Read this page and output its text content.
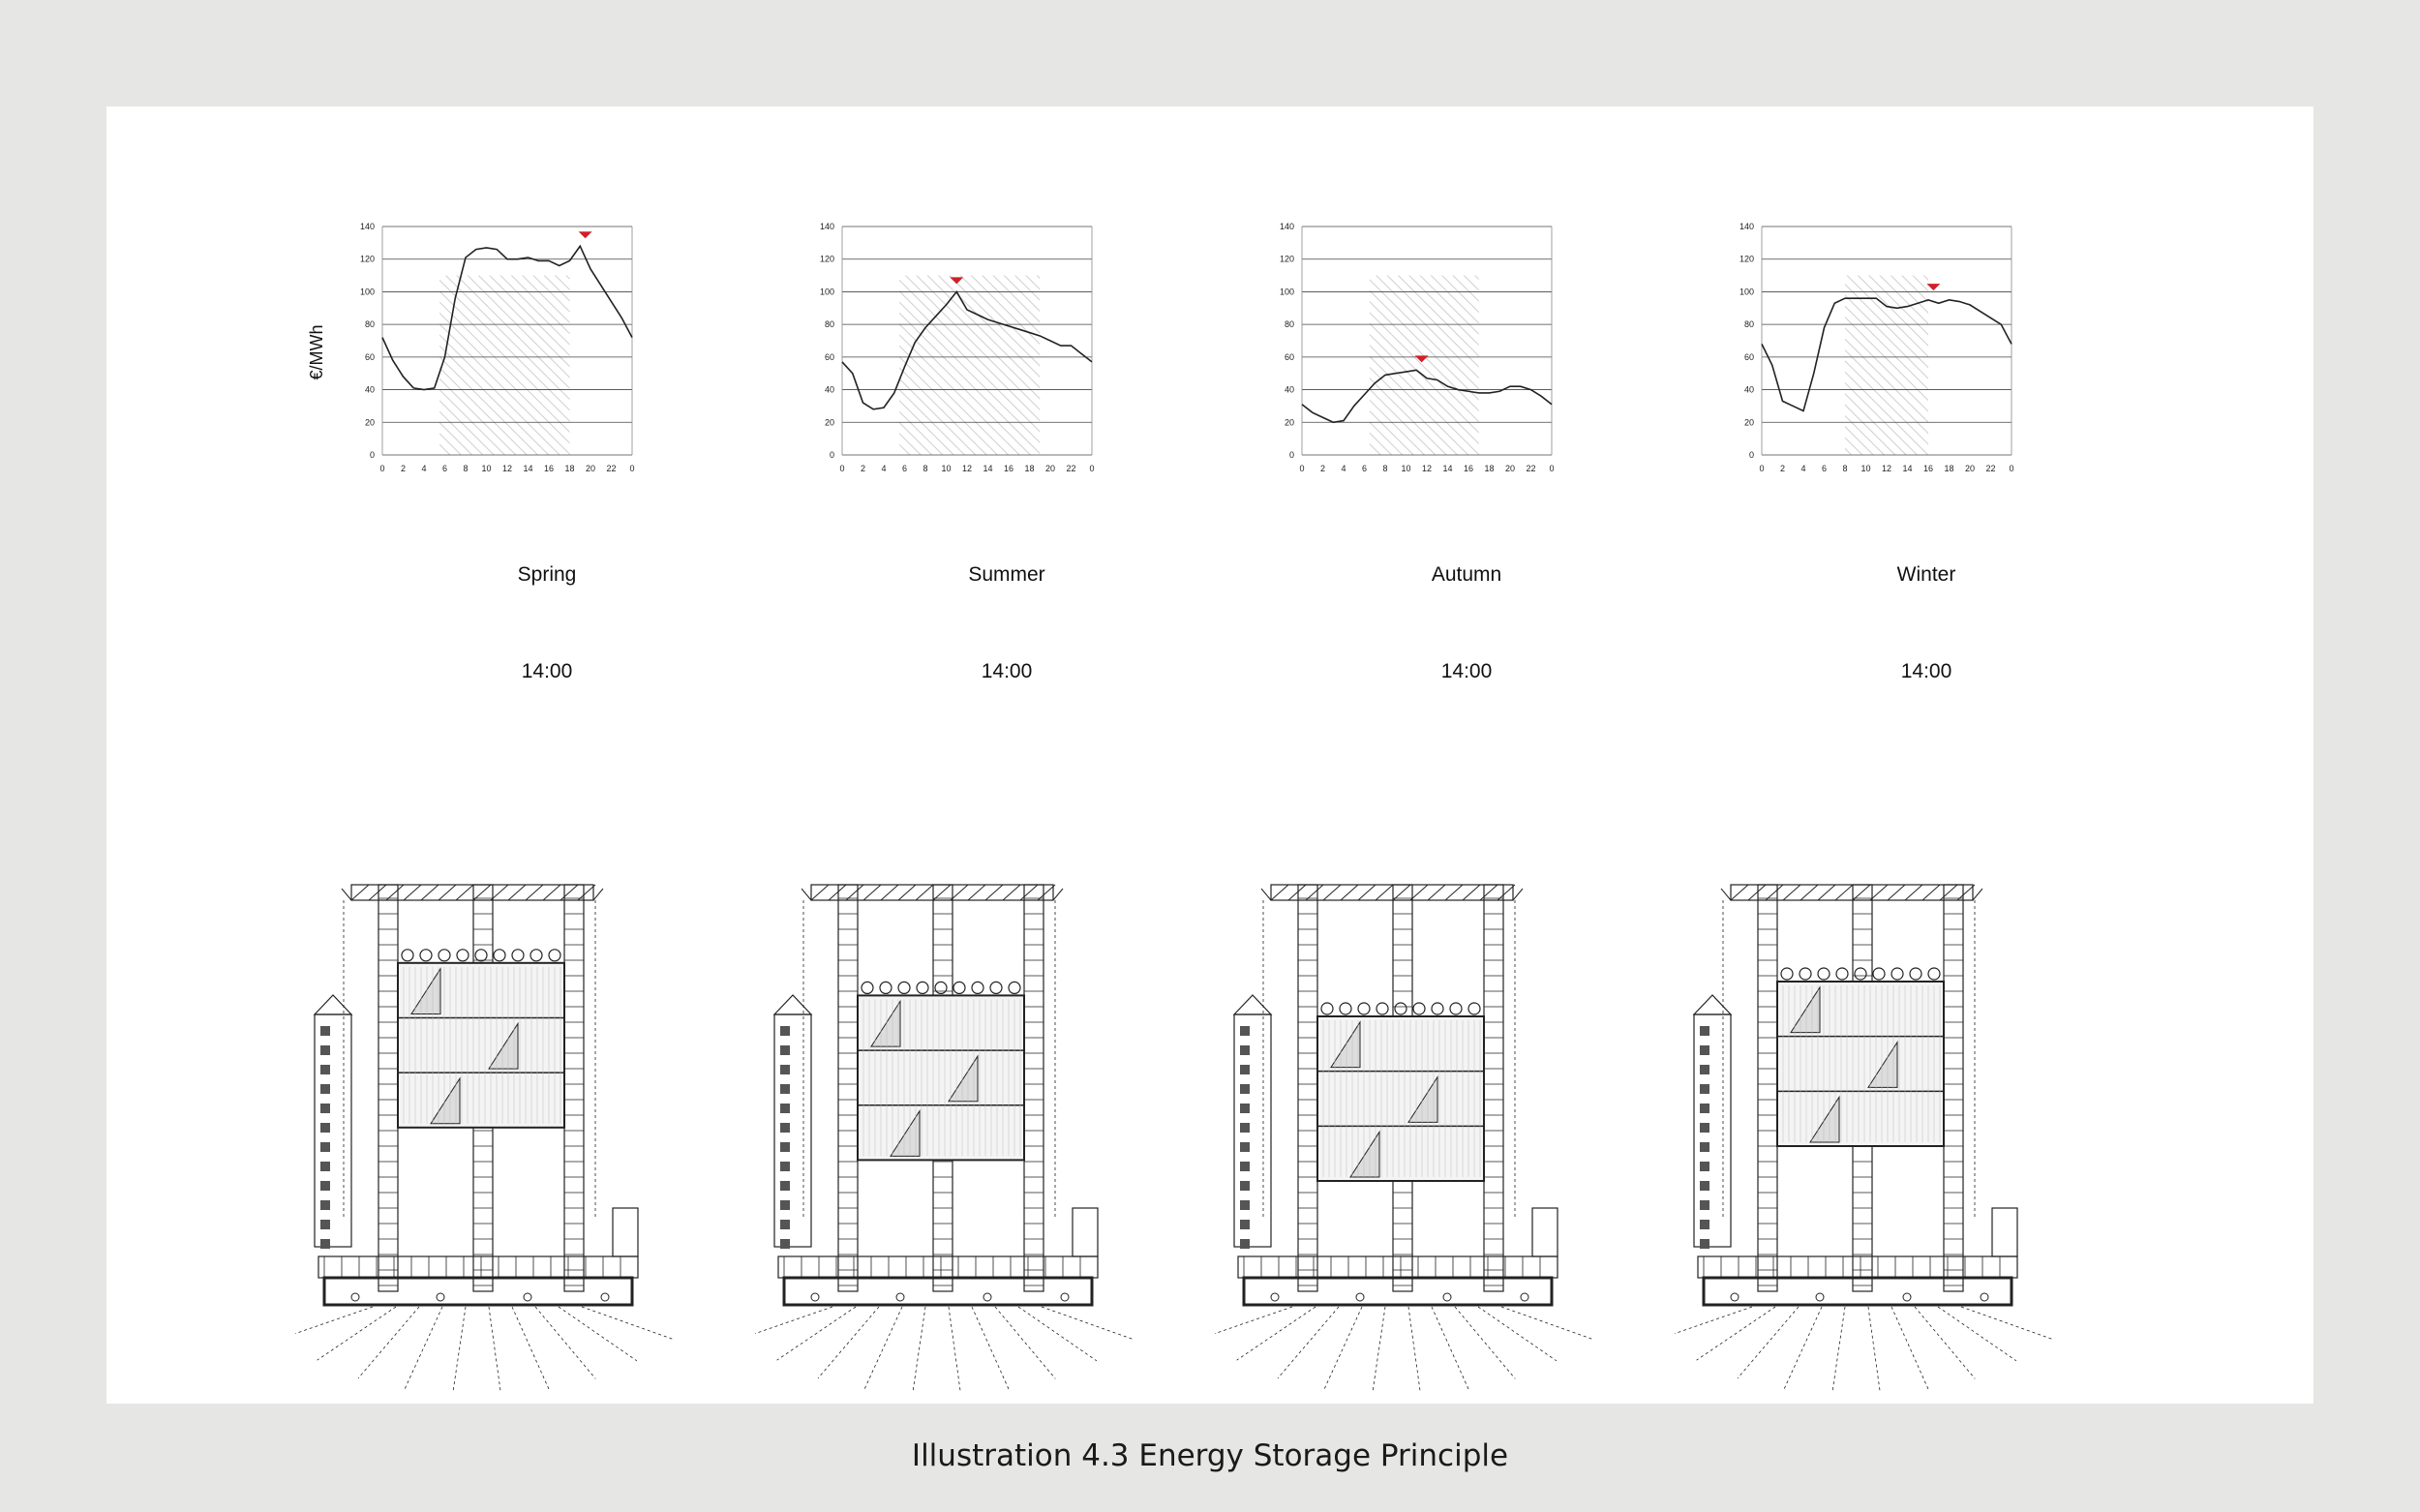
0
20
40
60
80
100
120
140
0 2 4 6 8 10 12 14 16 18 20 22 0
€/MWh
Spring
14:00
0
20
40
60
80
100
120
140
0 2 4 6 8 10 12 14 16 18 20 22 0
Summer
14:00
0
20
40
60
80
100
120
140
0 2 4 6 8 10 12 14 16 18 20 22 0
Autumn
14:00
0
20
40
60
80
100
120
140
0 2 4 6 8 10 12 14 16 18 20 22 0
Winter
14:00
Illustration 4.3 Energy Storage Principle
